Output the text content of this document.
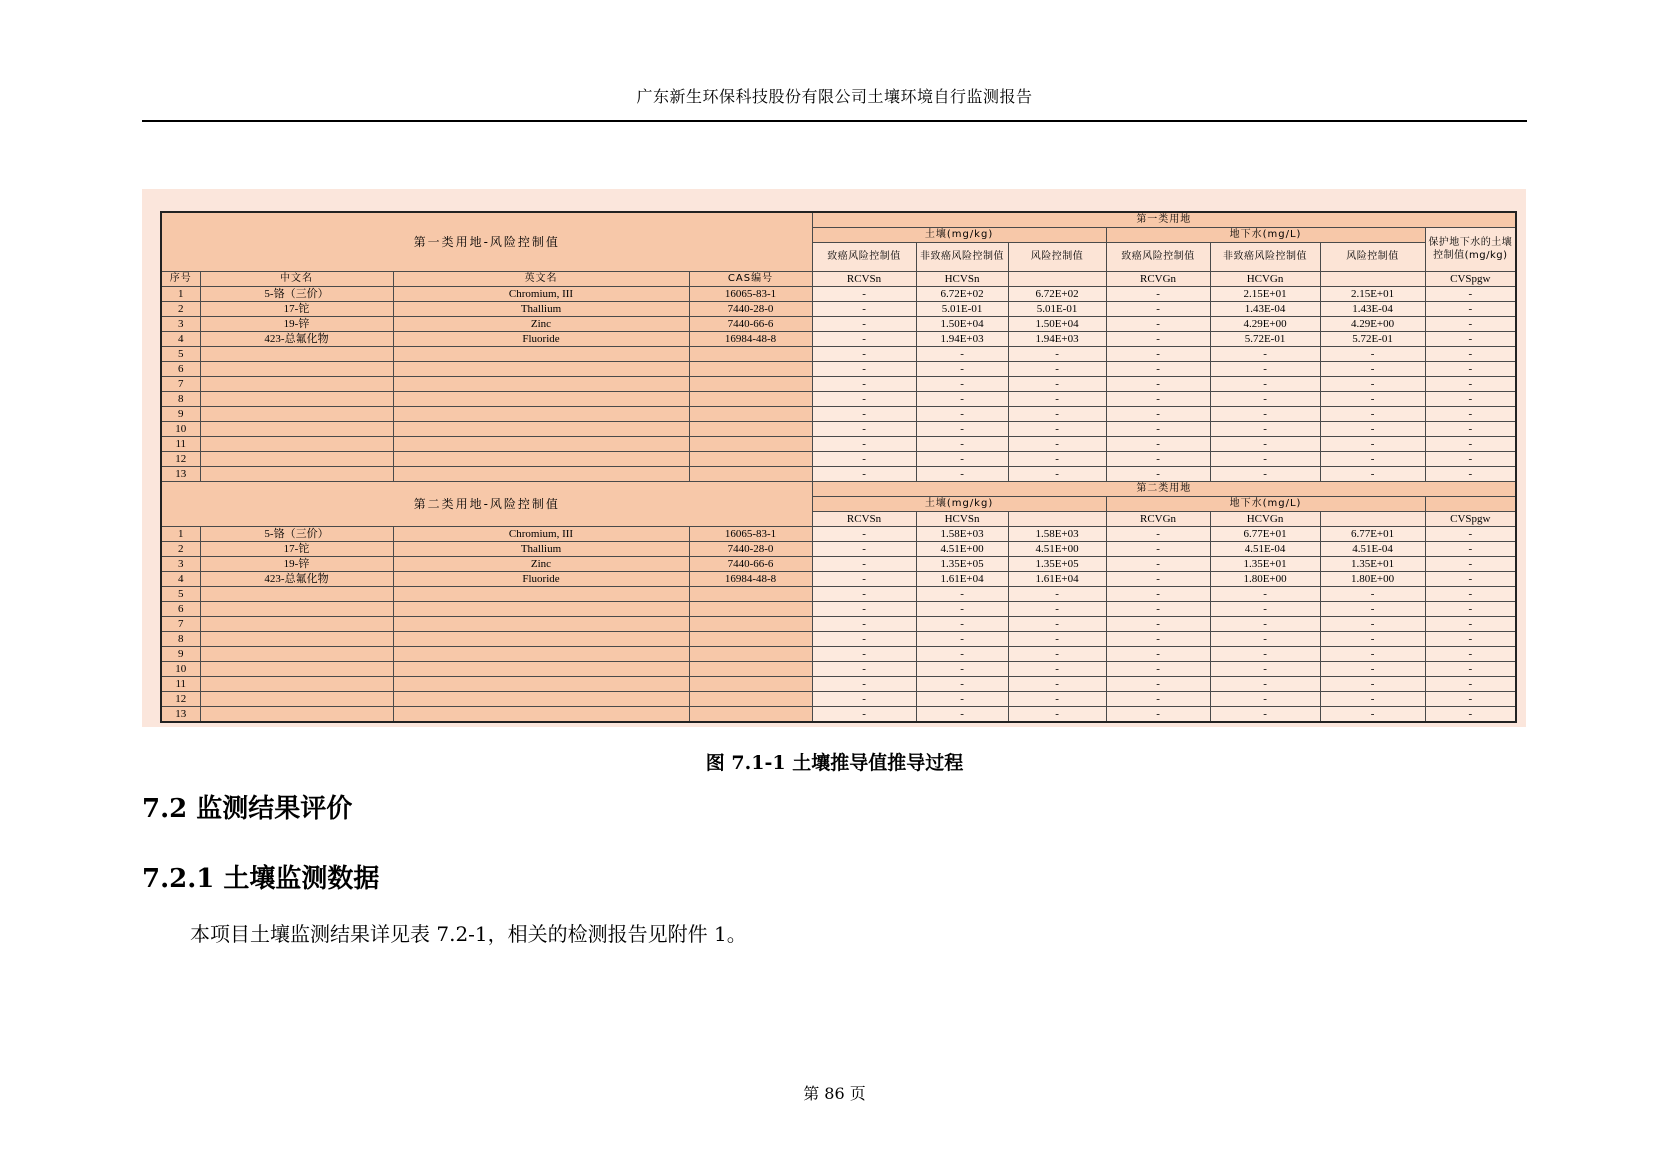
广东新生环保科技股份有限公司土壤环境自行监测报告
第一类用地-风险控制值				第一类用地						
				土壤(mg/kg)			地下水(mg/L)			保护地下水的土壤控制值(mg/kg)
				致癌风险控制值	非致癌风险控制值	风险控制值	致癌风险控制值	非致癌风险控制值	风险控制值	
序号	中文名	英文名	CAS编号	RCVSn	HCVSn		RCVGn	HCVGn		CVSpgw
1	5-铬（三价）	Chromium, III	16065-83-1	-	6.72E+02	6.72E+02	-	2.15E+01	2.15E+01	-
2	17-铊	Thallium	7440-28-0	-	5.01E-01	5.01E-01	-	1.43E-04	1.43E-04	-
3	19-锌	Zinc	7440-66-6	-	1.50E+04	1.50E+04	-	4.29E+00	4.29E+00	-
4	423-总氟化物	Fluoride	16984-48-8	-	1.94E+03	1.94E+03	-	5.72E-01	5.72E-01	-
5				-	-	-	-	-	-	-
6				-	-	-	-	-	-	-
7				-	-	-	-	-	-	-
8				-	-	-	-	-	-	-
9				-	-	-	-	-	-	-
10				-	-	-	-	-	-	-
11				-	-	-	-	-	-	-
12				-	-	-	-	-	-	-
13				-	-	-	-	-	-	-
第二类用地-风险控制值				第二类用地						
				土壤(mg/kg)			地下水(mg/L)			
				RCVSn	HCVSn		RCVGn	HCVGn		CVSpgw
1	5-铬（三价）	Chromium, III	16065-83-1	-	1.58E+03	1.58E+03	-	6.77E+01	6.77E+01	-
2	17-铊	Thallium	7440-28-0	-	4.51E+00	4.51E+00	-	4.51E-04	4.51E-04	-
3	19-锌	Zinc	7440-66-6	-	1.35E+05	1.35E+05	-	1.35E+01	1.35E+01	-
4	423-总氟化物	Fluoride	16984-48-8	-	1.61E+04	1.61E+04	-	1.80E+00	1.80E+00	-
5				-	-	-	-	-	-	-
6				-	-	-	-	-	-	-
7				-	-	-	-	-	-	-
8				-	-	-	-	-	-	-
9				-	-	-	-	-	-	-
10				-	-	-	-	-	-	-
11				-	-	-	-	-	-	-
12				-	-	-	-	-	-	-
13				-	-	-	-	-	-	-
图 7.1-1 土壤推导值推导过程
7.2 监测结果评价
7.2.1 土壤监测数据
本项目土壤监测结果详见表 7.2-1，相关的检测报告见附件 1。
第 86 页
